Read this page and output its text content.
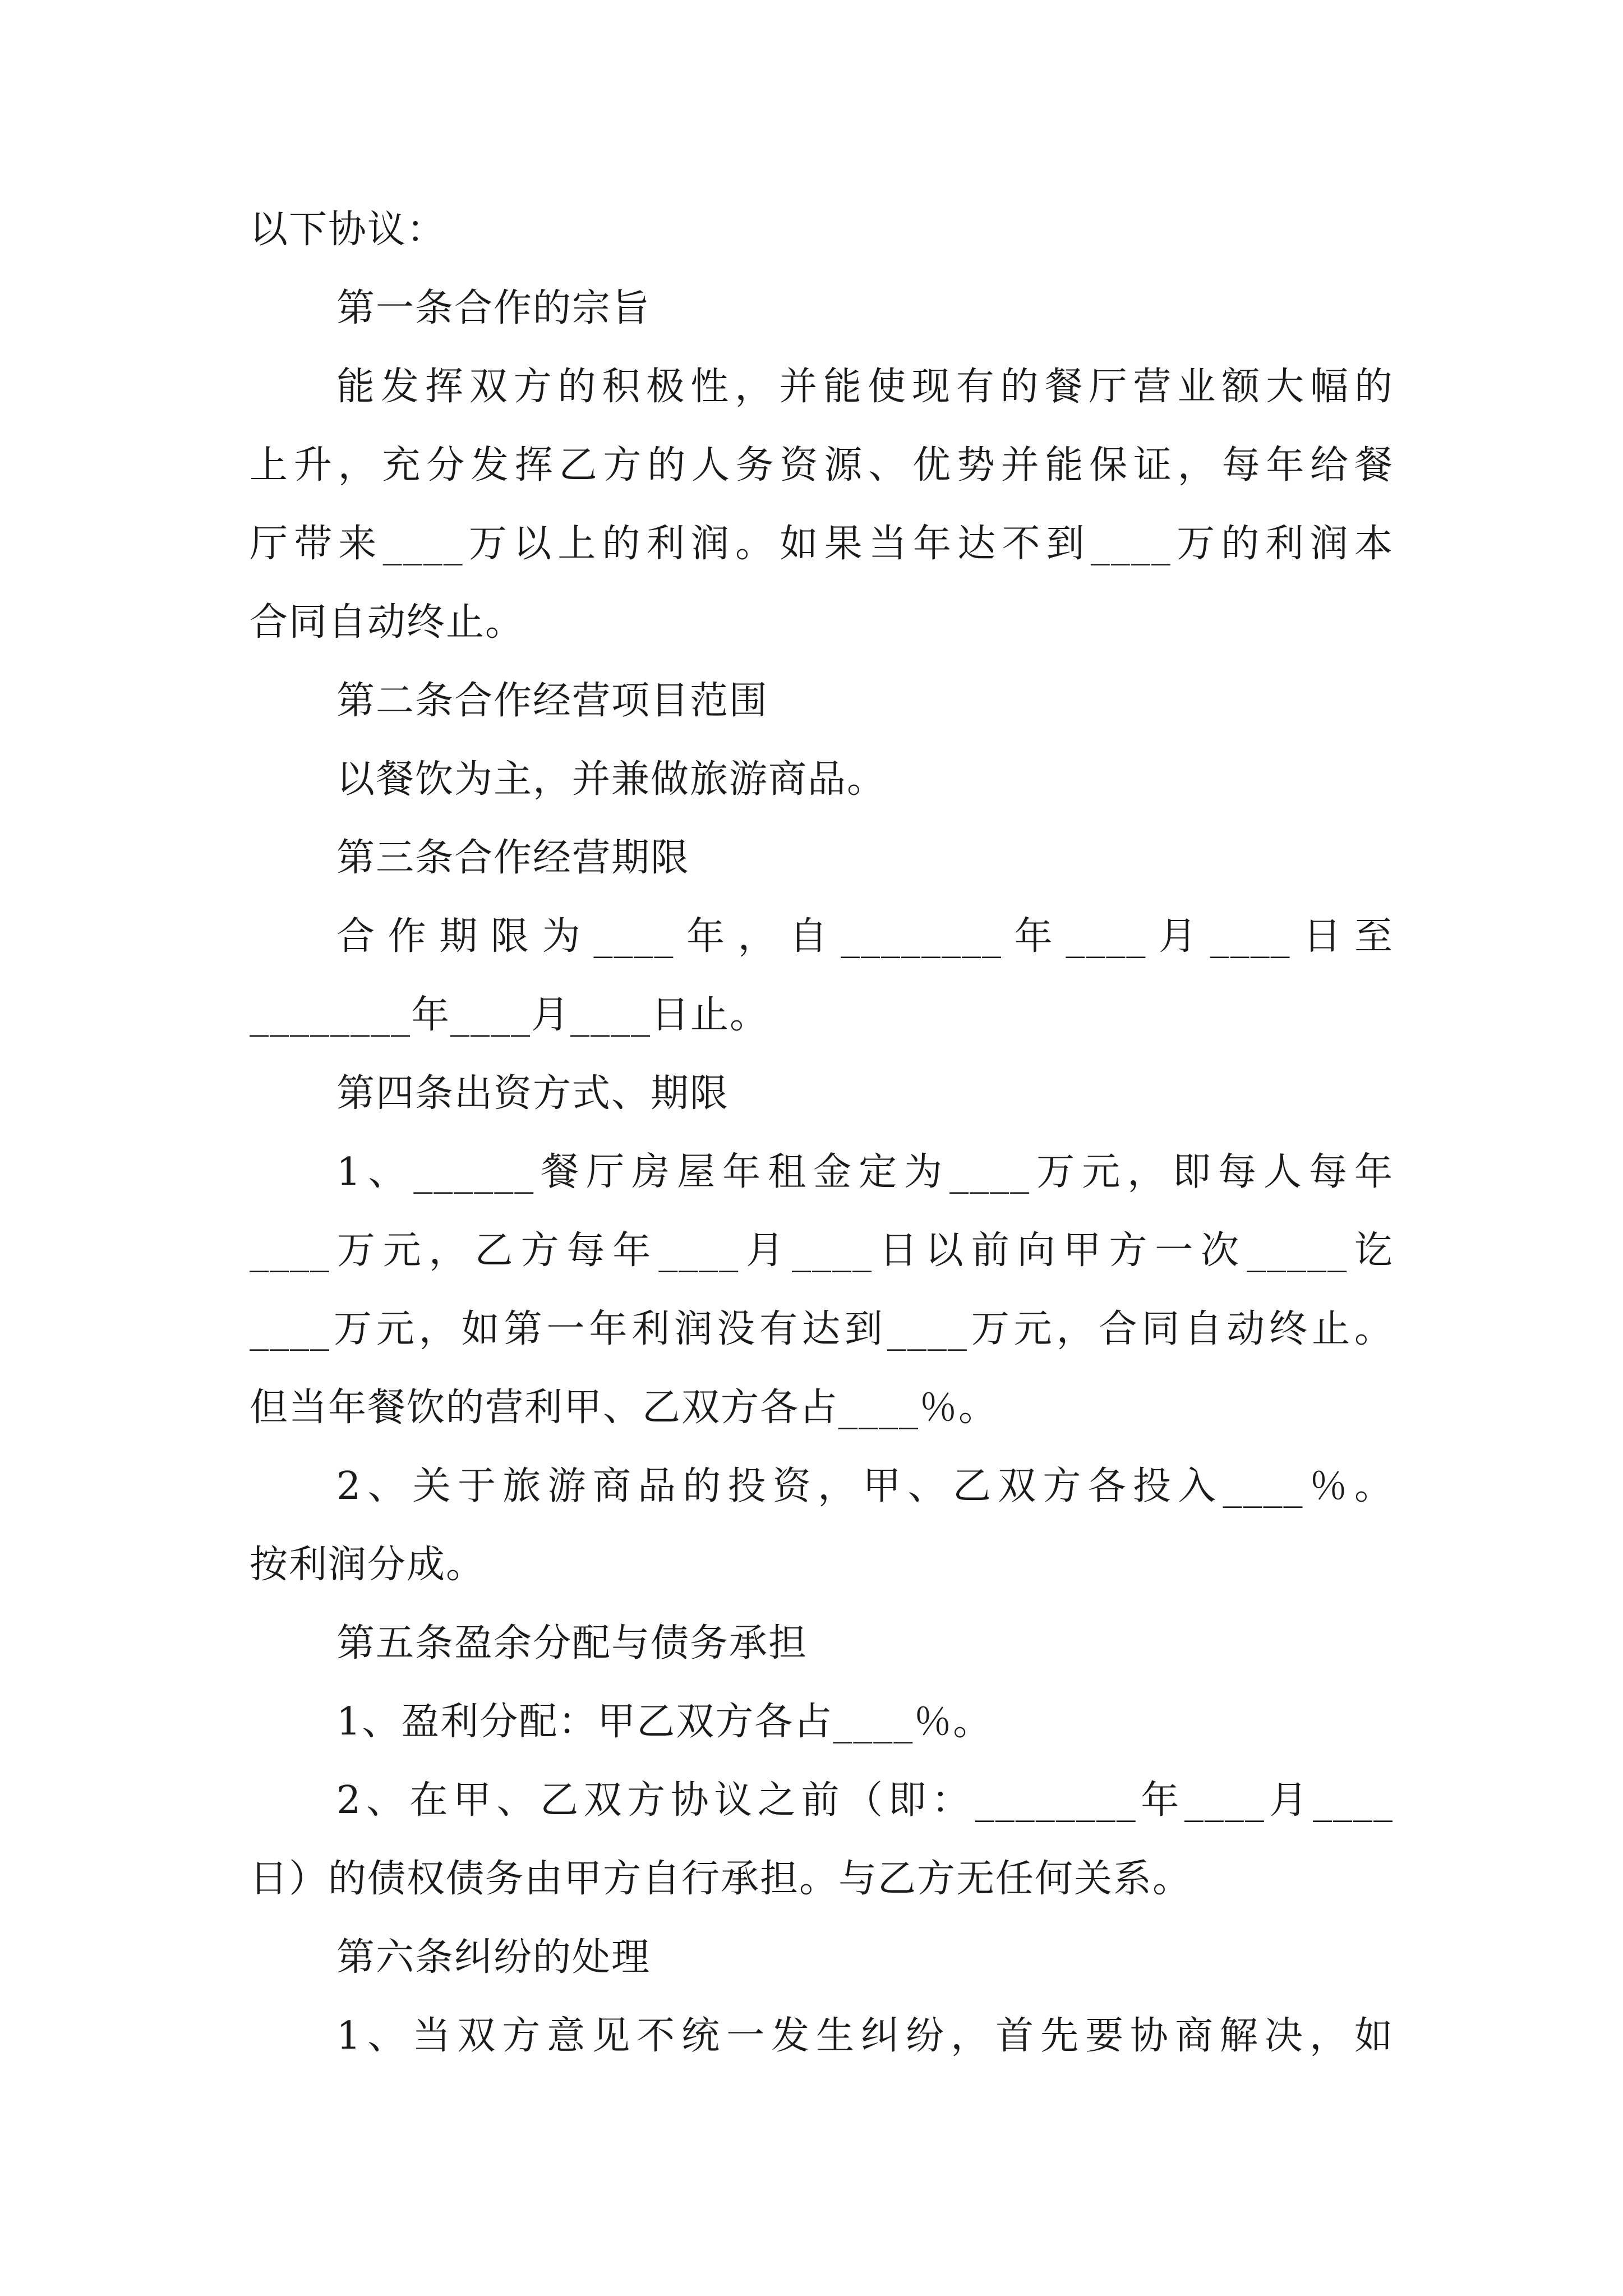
以下协议：
第一条合作的宗旨
能发挥双方的积极性，并能使现有的餐厅营业额大幅的
上升，充分发挥乙方的人务资源、优势并能保证，每年给餐
厅带来____万以上的利润。如果当年达不到____万的利润本
合同自动终止。
第二条合作经营项目范围
以餐饮为主，并兼做旅游商品。
第三条合作经营期限
合作期限为____年，自________年____月____日至
________年____月____日止。
第四条出资方式、期限
1、______餐厅房屋年租金定为____万元，即每人每年
____万元，乙方每年____月____日以前向甲方一次_____讫
____万元，如第一年利润没有达到____万元，合同自动终止。
但当年餐饮的营利甲、乙双方各占____％。
2、关于旅游商品的投资，甲、乙双方各投入____％。
按利润分成。
第五条盈余分配与债务承担
1、盈利分配：甲乙双方各占____％。
2、在甲、乙双方协议之前（即：________年____月____
日）的债权债务由甲方自行承担。与乙方无任何关系。
第六条纠纷的处理
1、当双方意见不统一发生纠纷，首先要协商解决，如
